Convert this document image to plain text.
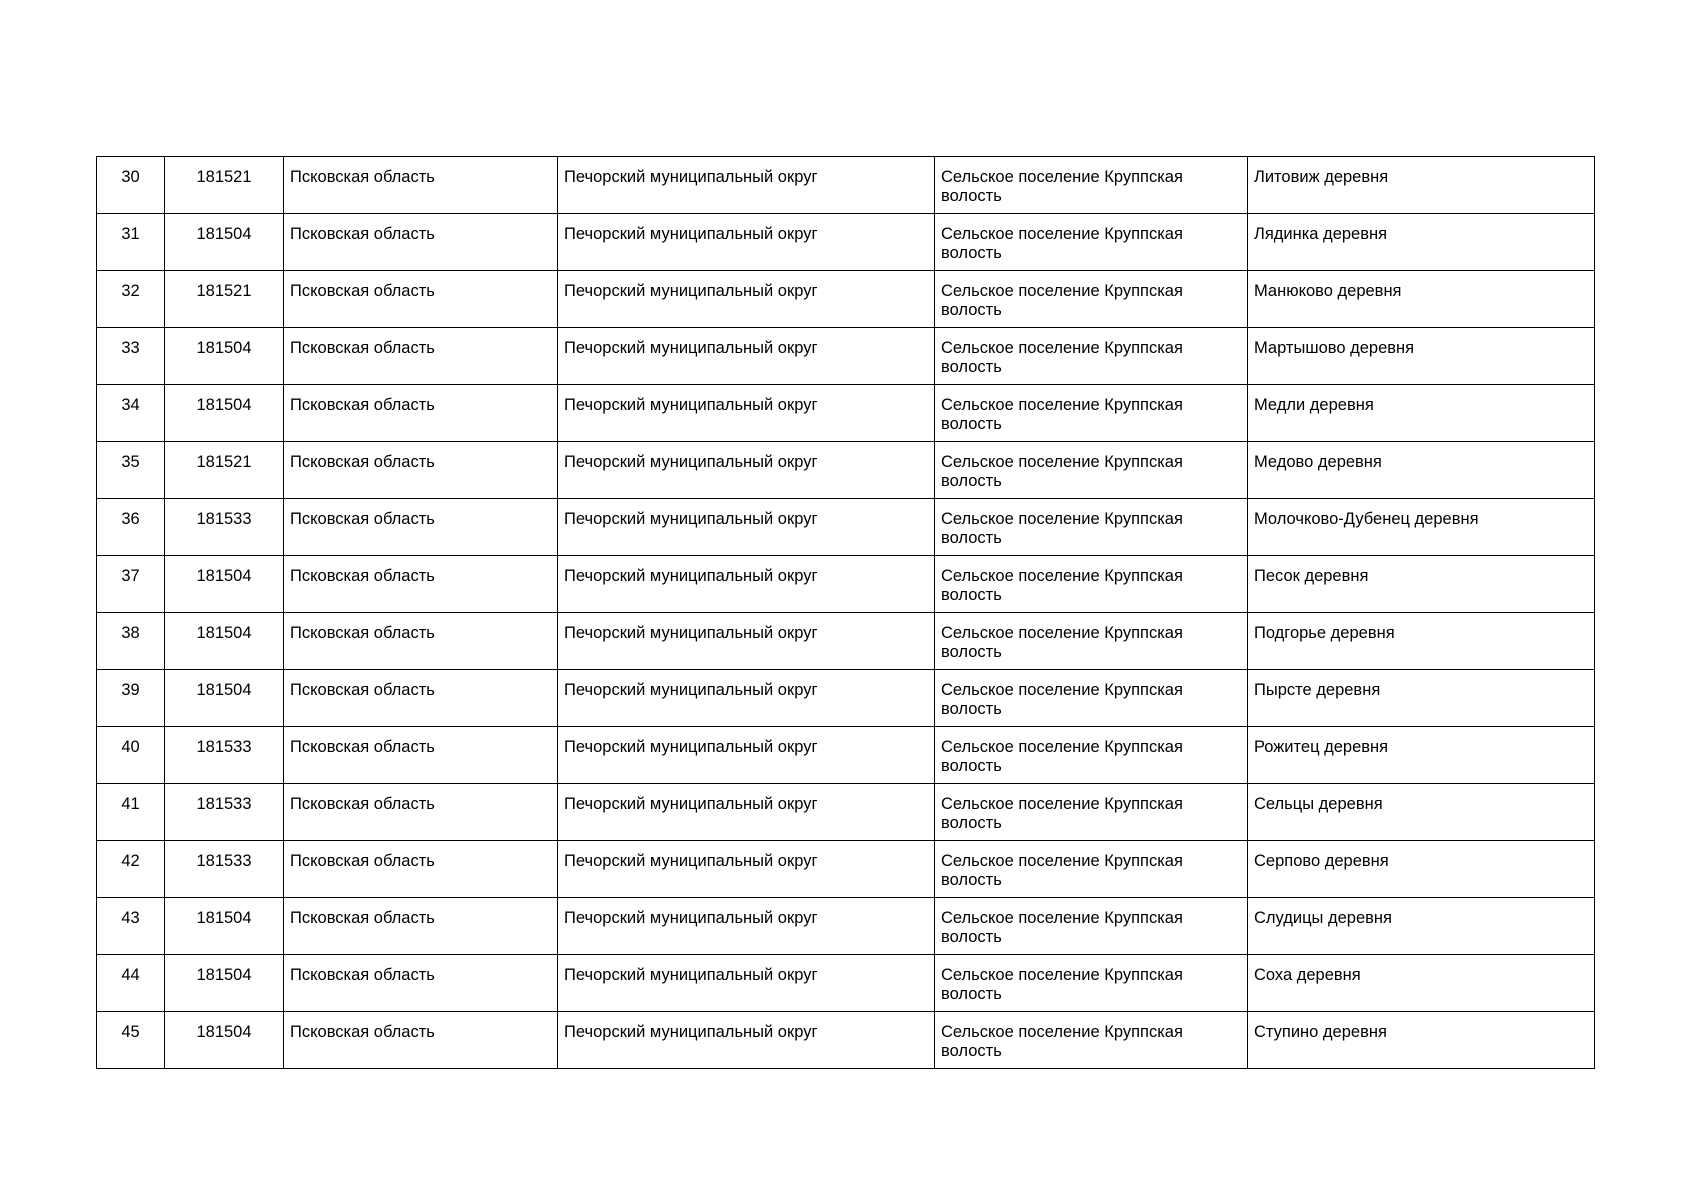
30	181521	Псковская область	Печорский муниципальный округ	Сельское поселение Круппская волость	Литовиж деревня
31	181504	Псковская область	Печорский муниципальный округ	Сельское поселение Круппская волость	Лядинка деревня
32	181521	Псковская область	Печорский муниципальный округ	Сельское поселение Круппская волость	Манюково деревня
33	181504	Псковская область	Печорский муниципальный округ	Сельское поселение Круппская волость	Мартышово деревня
34	181504	Псковская область	Печорский муниципальный округ	Сельское поселение Круппская волость	Медли деревня
35	181521	Псковская область	Печорский муниципальный округ	Сельское поселение Круппская волость	Медово деревня
36	181533	Псковская область	Печорский муниципальный округ	Сельское поселение Круппская волость	Молочково-Дубенец деревня
37	181504	Псковская область	Печорский муниципальный округ	Сельское поселение Круппская волость	Песок деревня
38	181504	Псковская область	Печорский муниципальный округ	Сельское поселение Круппская волость	Подгорье деревня
39	181504	Псковская область	Печорский муниципальный округ	Сельское поселение Круппская волость	Пырсте деревня
40	181533	Псковская область	Печорский муниципальный округ	Сельское поселение Круппская волость	Рожитец деревня
41	181533	Псковская область	Печорский муниципальный округ	Сельское поселение Круппская волость	Сельцы деревня
42	181533	Псковская область	Печорский муниципальный округ	Сельское поселение Круппская волость	Серпово деревня
43	181504	Псковская область	Печорский муниципальный округ	Сельское поселение Круппская волость	Слудицы деревня
44	181504	Псковская область	Печорский муниципальный округ	Сельское поселение Круппская волость	Соха деревня
45	181504	Псковская область	Печорский муниципальный округ	Сельское поселение Круппская волость	Ступино деревня
